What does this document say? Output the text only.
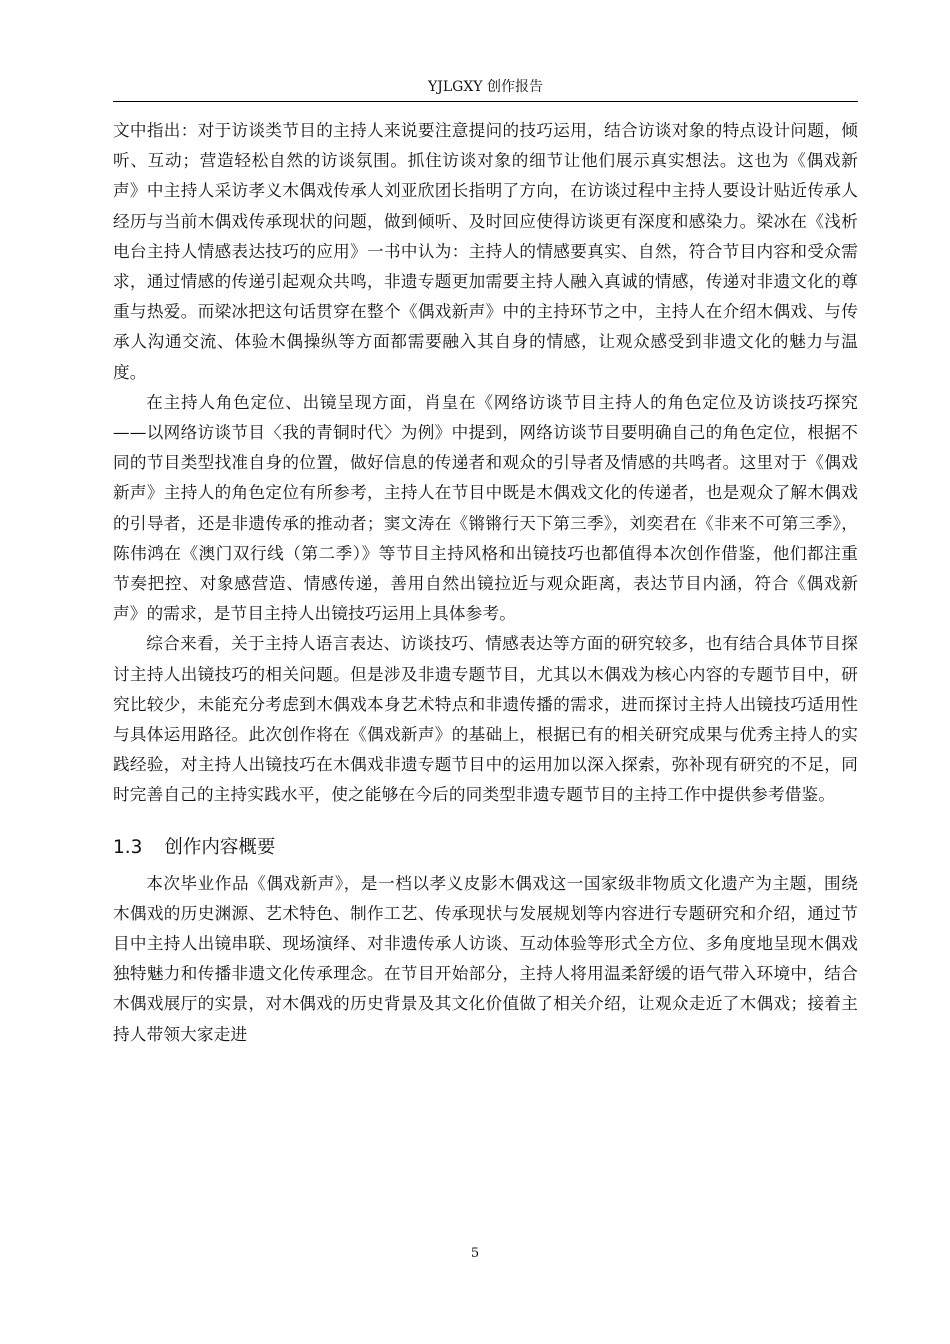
YJLGXY 创作报告

文中指出：对于访谈类节目的主持人来说要注意提问的技巧运用，结合访谈对象的特点设计问题，倾听、互动；营造轻松自然的访谈氛围。抓住访谈对象的细节让他们展示真实想法。这也为《偶戏新声》中主持人采访孝义木偶戏传承人刘亚欣团长指明了方向，在访谈过程中主持人要设计贴近传承人经历与当前木偶戏传承现状的问题，做到倾听、及时回应使得访谈更有深度和感染力。梁冰在《浅析电台主持人情感表达技巧的应用》一书中认为：主持人的情感要真实、自然，符合节目内容和受众需求，通过情感的传递引起观众共鸣，非遗专题更加需要主持人融入真诚的情感，传递对非遗文化的尊重与热爱。而梁冰把这句话贯穿在整个《偶戏新声》中的主持环节之中，主持人在介绍木偶戏、与传承人沟通交流、体验木偶操纵等方面都需要融入其自身的情感，让观众感受到非遗文化的魅力与温度。

在主持人角色定位、出镜呈现方面，肖皇在《网络访谈节目主持人的角色定位及访谈技巧探究——以网络访谈节目〈我的青铜时代〉为例》中提到，网络访谈节目要明确自己的角色定位，根据不同的节目类型找准自身的位置，做好信息的传递者和观众的引导者及情感的共鸣者。这里对于《偶戏新声》主持人的角色定位有所参考，主持人在节目中既是木偶戏文化的传递者，也是观众了解木偶戏的引导者，还是非遗传承的推动者；窦文涛在《锵锵行天下第三季》，刘奕君在《非来不可第三季》，陈伟鸿在《澳门双行线（第二季）》等节目主持风格和出镜技巧也都值得本次创作借鉴，他们都注重节奏把控、对象感营造、情感传递，善用自然出镜拉近与观众距离，表达节目内涵，符合《偶戏新声》的需求，是节目主持人出镜技巧运用上具体参考。

综合来看，关于主持人语言表达、访谈技巧、情感表达等方面的研究较多，也有结合具体节目探讨主持人出镜技巧的相关问题。但是涉及非遗专题节目，尤其以木偶戏为核心内容的专题节目中，研究比较少，未能充分考虑到木偶戏本身艺术特点和非遗传播的需求，进而探讨主持人出镜技巧适用性与具体运用路径。此次创作将在《偶戏新声》的基础上，根据已有的相关研究成果与优秀主持人的实践经验，对主持人出镜技巧在木偶戏非遗专题节目中的运用加以深入探索，弥补现有研究的不足，同时完善自己的主持实践水平，使之能够在今后的同类型非遗专题节目的主持工作中提供参考借鉴。

1.3 创作内容概要

本次毕业作品《偶戏新声》，是一档以孝义皮影木偶戏这一国家级非物质文化遗产为主题，围绕木偶戏的历史渊源、艺术特色、制作工艺、传承现状与发展规划等内容进行专题研究和介绍，通过节目中主持人出镜串联、现场演绎、对非遗传承人访谈、互动体验等形式全方位、多角度地呈现木偶戏独特魅力和传播非遗文化传承理念。在节目开始部分，主持人将用温柔舒缓的语气带入环境中，结合木偶戏展厅的实景，对木偶戏的历史背景及其文化价值做了相关介绍，让观众走近了木偶戏；接着主持人带领大家走进

5
